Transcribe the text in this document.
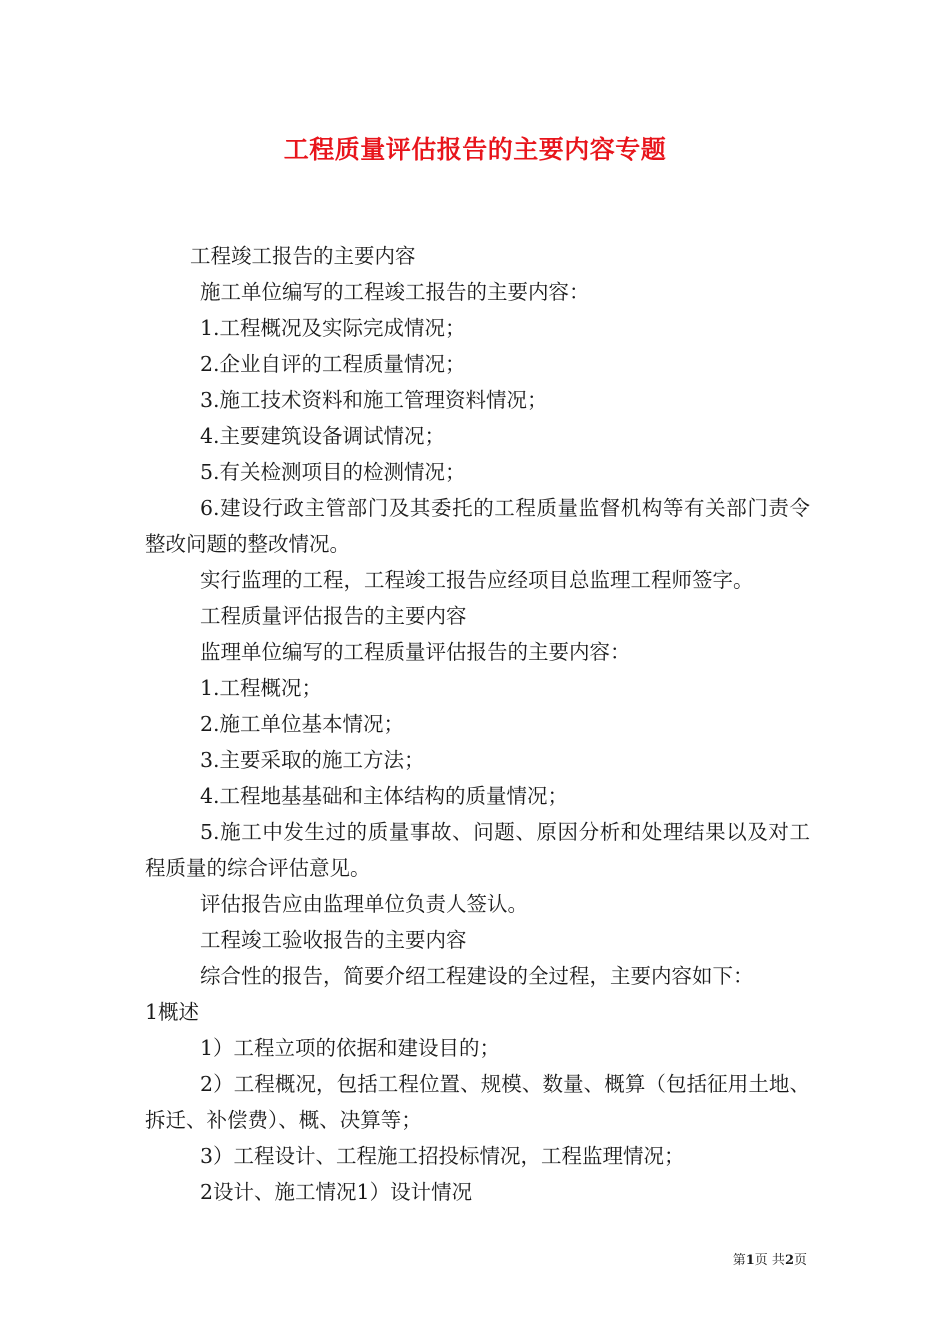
工程质量评估报告的主要内容专题

工程竣工报告的主要内容

施工单位编写的工程竣工报告的主要内容：

1.工程概况及实际完成情况；

2.企业自评的工程质量情况；

3.施工技术资料和施工管理资料情况；

4.主要建筑设备调试情况；

5.有关检测项目的检测情况；

6.建设行政主管部门及其委托的工程质量监督机构等有关部门责令整改问题的整改情况。

实行监理的工程，工程竣工报告应经项目总监理工程师签字。

工程质量评估报告的主要内容

监理单位编写的工程质量评估报告的主要内容：

1.工程概况；

2.施工单位基本情况；

3.主要采取的施工方法；

4.工程地基基础和主体结构的质量情况；

5.施工中发生过的质量事故、问题、原因分析和处理结果以及对工程质量的综合评估意见。

评估报告应由监理单位负责人签认。

工程竣工验收报告的主要内容

综合性的报告，简要介绍工程建设的全过程，主要内容如下：

1概述

1）工程立项的依据和建设目的；

2）工程概况，包括工程位置、规模、数量、概算（包括征用土地、拆迁、补偿费）、概、决算等；

3）工程设计、工程施工招投标情况，工程监理情况；

2设计、施工情况1）设计情况

第1页 共2页
